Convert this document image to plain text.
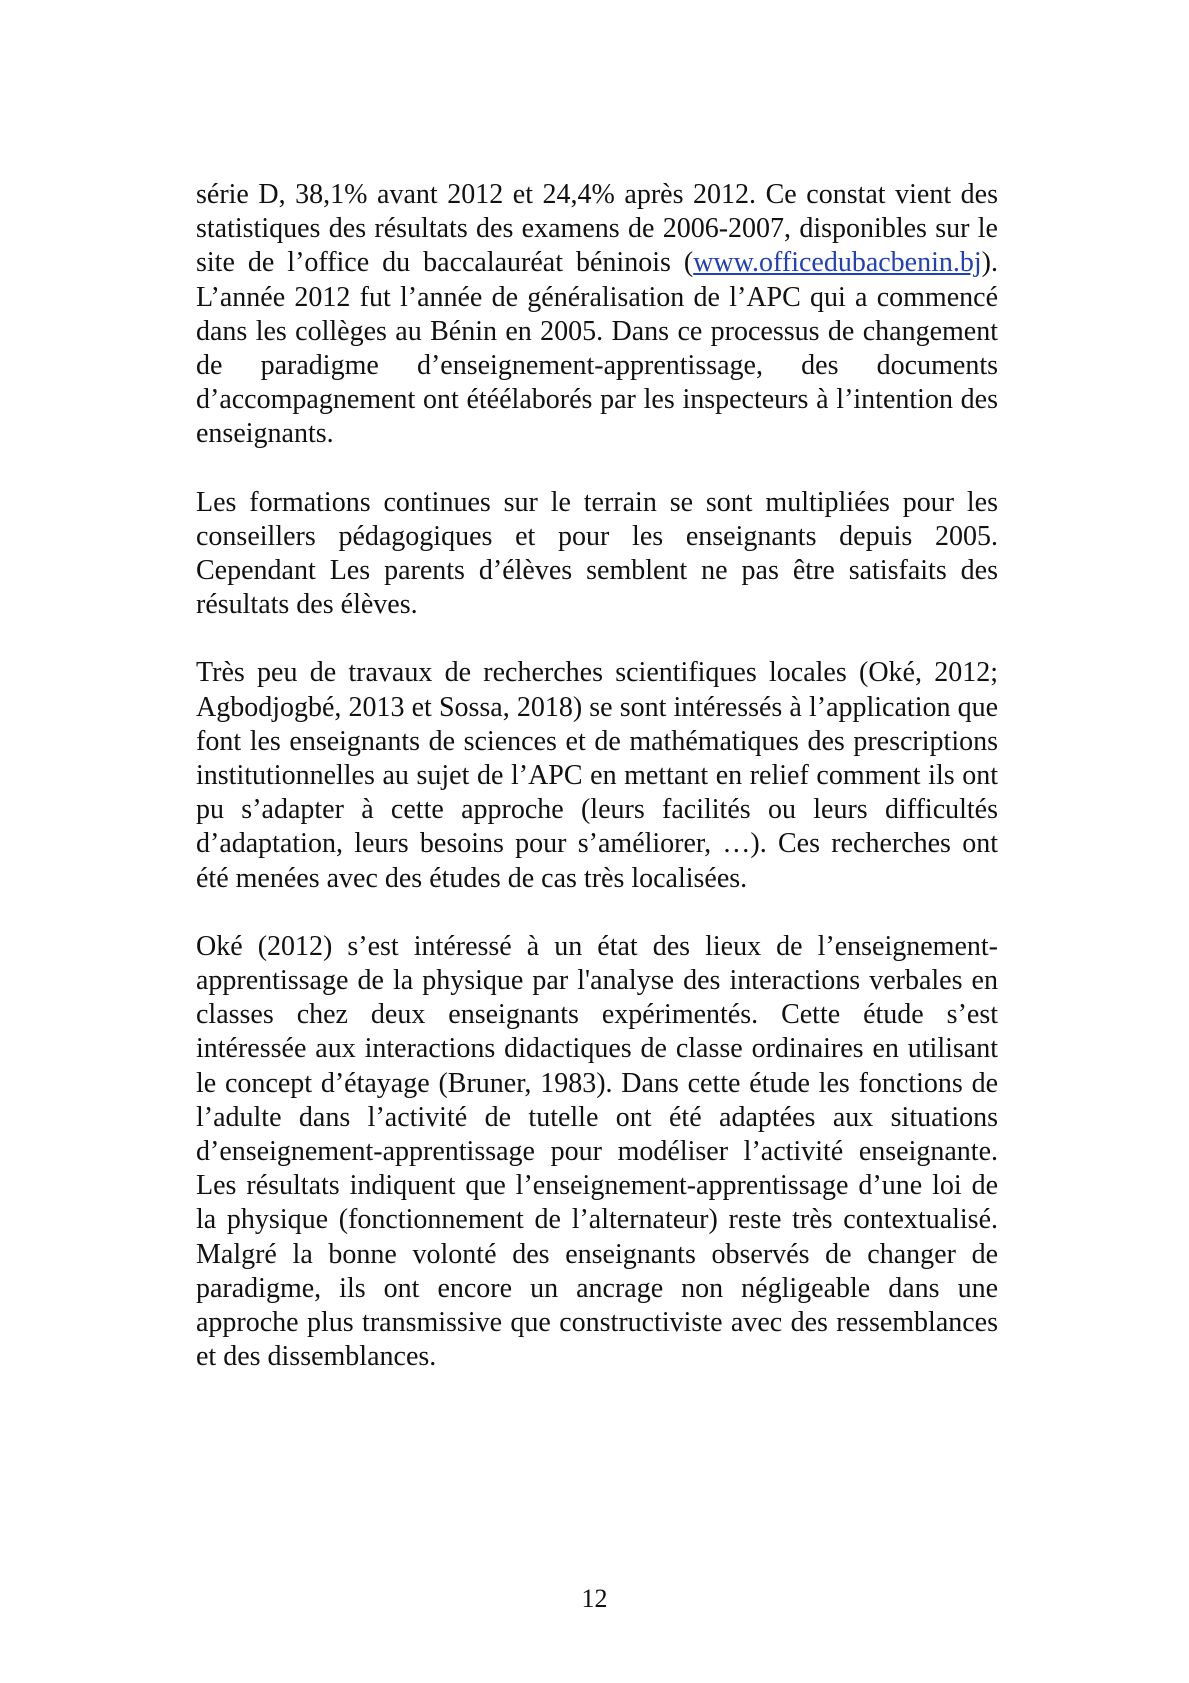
série D, 38,1% avant 2012 et 24,4% après 2012. Ce constat vient des statistiques des résultats des examens de 2006-2007, disponibles sur le site de l’office du baccalauréat béninois (www.officedubacbenin.bj). L’année 2012 fut l’année de généralisation de l’APC qui a commencé dans les collèges au Bénin en 2005. Dans ce processus de changement de paradigme d’enseignement-apprentissage, des documents d’accompagnement ont étéélaborés par les inspecteurs à l’intention des enseignants.

Les formations continues sur le terrain se sont multipliées pour les conseillers pédagogiques et pour les enseignants depuis 2005. Cependant Les parents d’élèves semblent ne pas être satisfaits des résultats des élèves.

Très peu de travaux de recherches scientifiques locales (Oké, 2012; Agbodjogbé, 2013 et Sossa, 2018) se sont intéressés à l’application que font les enseignants de sciences et de mathématiques des prescriptions institutionnelles au sujet de l’APC en mettant en relief comment ils ont pu s’adapter à cette approche (leurs facilités ou leurs difficultés d’adaptation, leurs besoins pour s’améliorer, …). Ces recherches ont été menées avec des études de cas très localisées.

Oké (2012) s’est intéressé à un état des lieux de l’enseignement- apprentissage de la physique par l'analyse des interactions verbales en classes chez deux enseignants expérimentés. Cette étude s’est intéressée aux interactions didactiques de classe ordinaires en utilisant le concept d’étayage (Bruner, 1983). Dans cette étude les fonctions de l’adulte dans l’activité de tutelle ont été adaptées aux situations d’enseignement-apprentissage pour modéliser l’activité enseignante. Les résultats indiquent que l’enseignement-apprentissage d’une loi de la physique (fonctionnement de l’alternateur) reste très contextualisé. Malgré la bonne volonté des enseignants observés de changer de paradigme, ils ont encore un ancrage non négligeable dans une approche plus transmissive que constructiviste avec des ressemblances et des dissemblances.

12
